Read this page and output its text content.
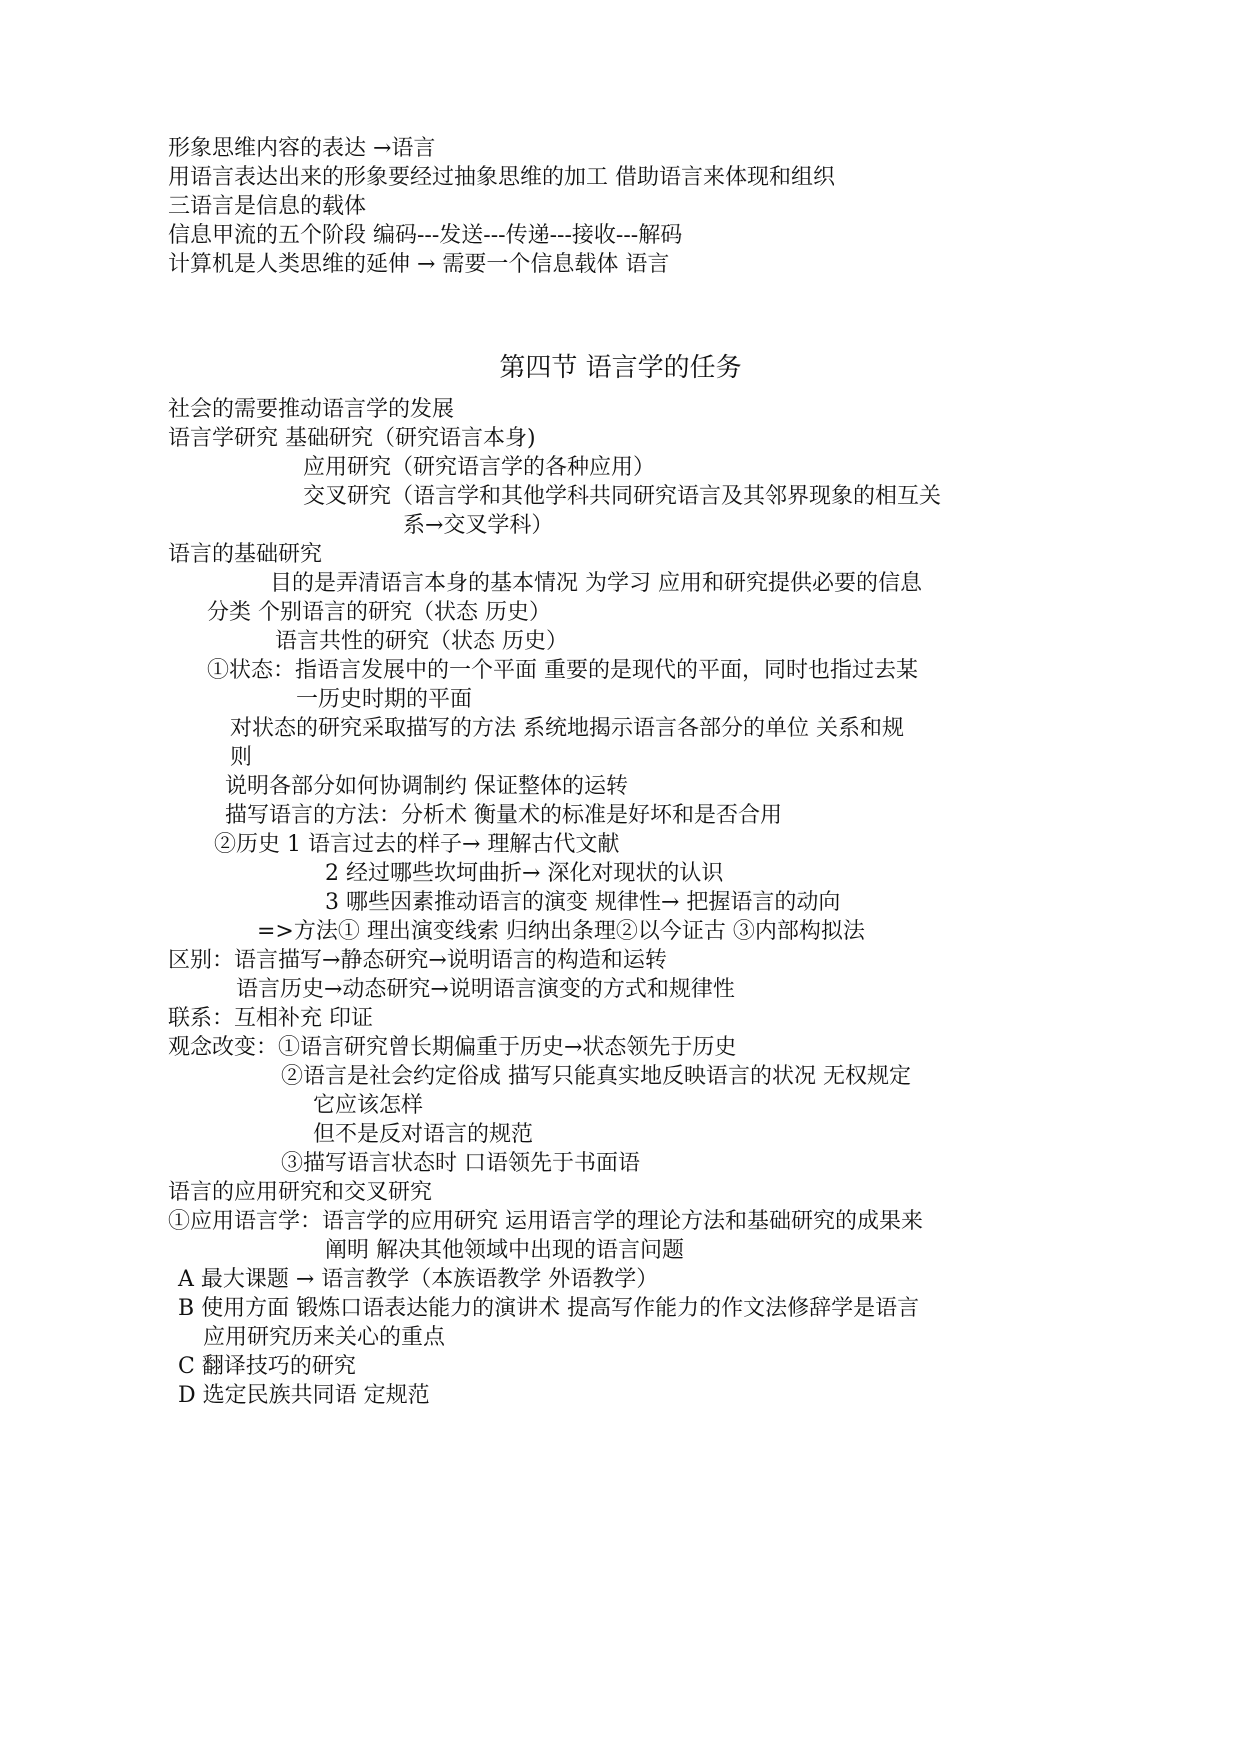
形象思维内容的表达 →语言
用语言表达出来的形象要经过抽象思维的加工 借助语言来体现和组织
三语言是信息的载体
信息甲流的五个阶段 编码---发送---传递---接收---解码
计算机是人类思维的延伸 → 需要一个信息载体 语言
第四节 语言学的任务
社会的需要推动语言学的发展
语言学研究 基础研究（研究语言本身)
应用研究（研究语言学的各种应用）
交叉研究（语言学和其他学科共同研究语言及其邻界现象的相互关
系→交叉学科）
语言的基础研究
目的是弄清语言本身的基本情况 为学习 应用和研究提供必要的信息
分类 个别语言的研究（状态 历史）
语言共性的研究（状态 历史）
①状态：指语言发展中的一个平面 重要的是现代的平面，同时也指过去某
一历史时期的平面
对状态的研究采取描写的方法 系统地揭示语言各部分的单位 关系和规
则
说明各部分如何协调制约 保证整体的运转
描写语言的方法：分析术 衡量术的标准是好坏和是否合用
②历史 1 语言过去的样子→ 理解古代文献
2 经过哪些坎坷曲折→ 深化对现状的认识
3 哪些因素推动语言的演变 规律性→ 把握语言的动向
=>方法① 理出演变线索 归纳出条理②以今证古 ③内部构拟法
区别：语言描写→静态研究→说明语言的构造和运转
语言历史→动态研究→说明语言演变的方式和规律性
联系：互相补充 印证
观念改变：①语言研究曾长期偏重于历史→状态领先于历史
②语言是社会约定俗成 描写只能真实地反映语言的状况 无权规定
它应该怎样
但不是反对语言的规范
③描写语言状态时 口语领先于书面语
语言的应用研究和交叉研究
①应用语言学：语言学的应用研究 运用语言学的理论方法和基础研究的成果来
阐明 解决其他领域中出现的语言问题
A 最大课题 → 语言教学（本族语教学 外语教学）
B 使用方面 锻炼口语表达能力的演讲术 提高写作能力的作文法修辞学是语言
应用研究历来关心的重点
C 翻译技巧的研究
D 选定民族共同语 定规范
